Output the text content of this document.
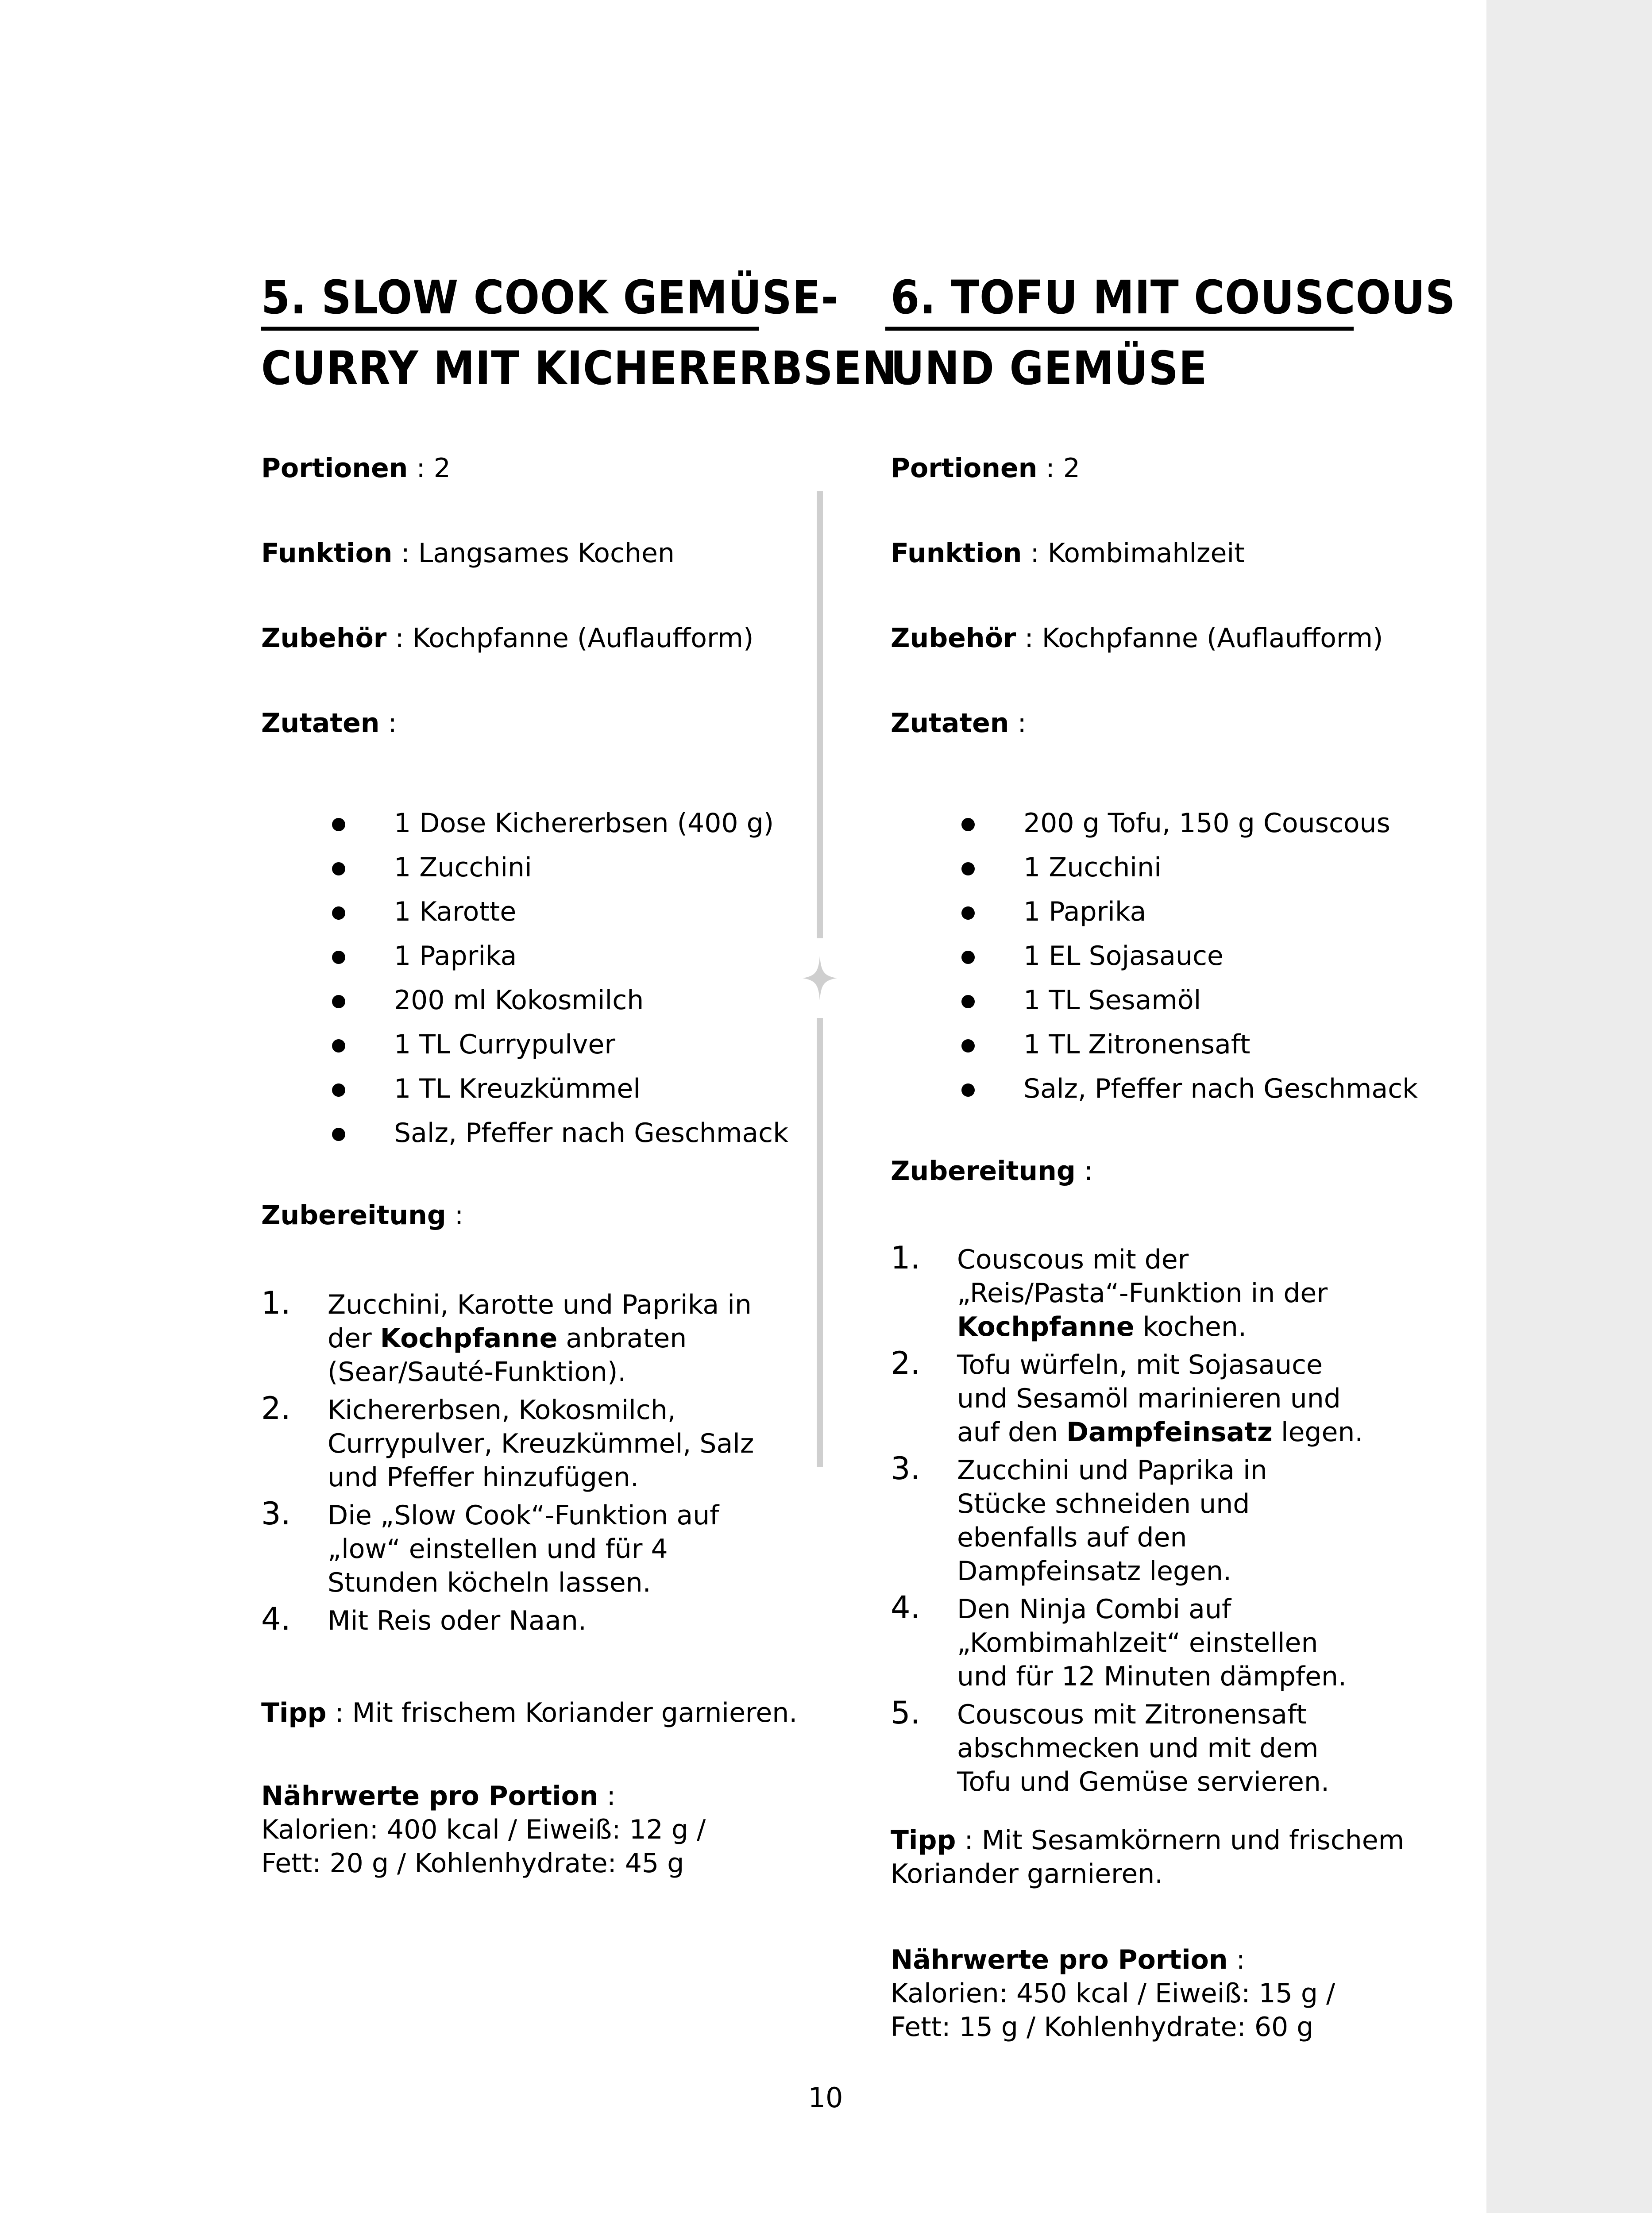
5. SLOW COOK GEMÜSE-
CURRY MIT KICHERERBSEN
Portionen : 2
Funktion : Langsames Kochen
Zubehör : Kochpfanne (Auflaufform)
Zutaten :
1 Dose Kichererbsen (400 g)
1 Zucchini
1 Karotte
1 Paprika
200 ml Kokosmilch
1 TL Currypulver
1 TL Kreuzkümmel
Salz, Pfeffer nach Geschmack
Zubereitung :
1. Zucchini, Karotte und Paprika in der Kochpfanne anbraten (Sear/Sauté-Funktion).
2. Kichererbsen, Kokosmilch, Currypulver, Kreuzkümmel, Salz und Pfeffer hinzufügen.
3. Die „Slow Cook“-Funktion auf „low“ einstellen und für 4 Stunden köcheln lassen.
4. Mit Reis oder Naan.
Tipp : Mit frischem Koriander garnieren.
Nährwerte pro Portion :
Kalorien: 400 kcal / Eiweiß: 12 g /
Fett: 20 g / Kohlenhydrate: 45 g
6. TOFU MIT COUSCOUS
UND GEMÜSE
Portionen : 2
Funktion : Kombimahlzeit
Zubehör : Kochpfanne (Auflaufform)
Zutaten :
200 g Tofu, 150 g Couscous
1 Zucchini
1 Paprika
1 EL Sojasauce
1 TL Sesamöl
1 TL Zitronensaft
Salz, Pfeffer nach Geschmack
Zubereitung :
1. Couscous mit der „Reis/Pasta“-Funktion in der Kochpfanne kochen.
2. Tofu würfeln, mit Sojasauce und Sesamöl marinieren und auf den Dampfeinsatz legen.
3. Zucchini und Paprika in Stücke schneiden und ebenfalls auf den Dampfeinsatz legen.
4. Den Ninja Combi auf „Kombimahlzeit“ einstellen und für 12 Minuten dämpfen.
5. Couscous mit Zitronensaft abschmecken und mit dem Tofu und Gemüse servieren.
Tipp : Mit Sesamkörnern und frischem
Koriander garnieren.
Nährwerte pro Portion :
Kalorien: 450 kcal / Eiweiß: 15 g /
Fett: 15 g / Kohlenhydrate: 60 g
10
